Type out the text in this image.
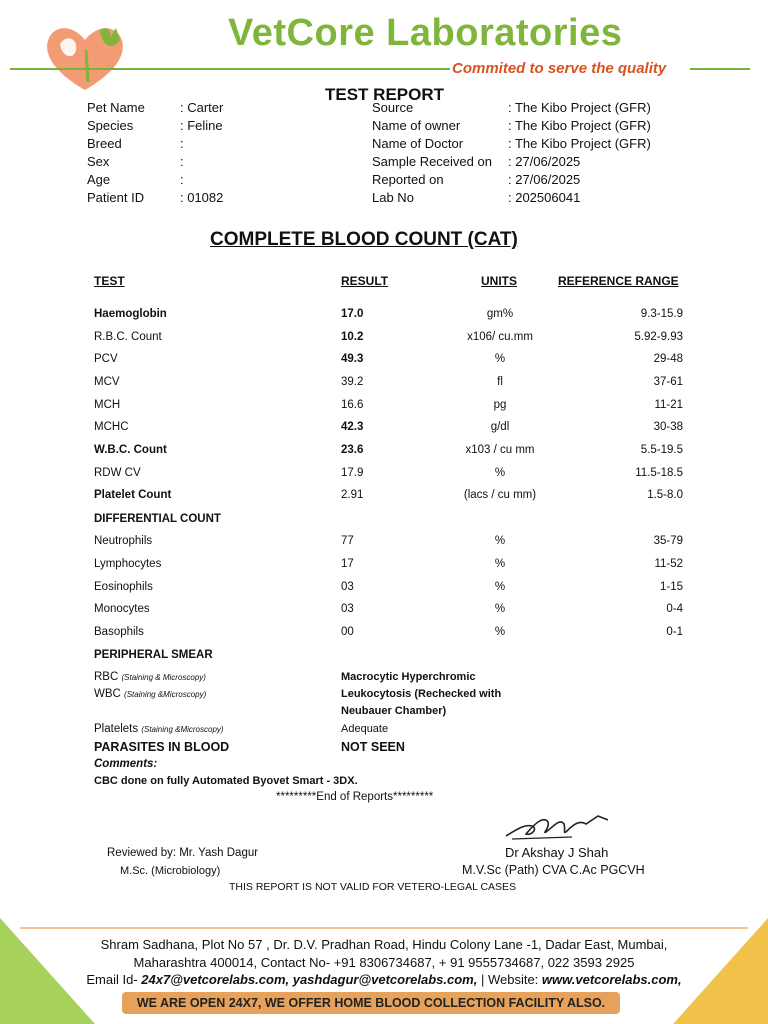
VetCore Laboratories
Commited to serve the quality
TEST REPORT
Pet Name	: Carter
Species	: Feline
Breed	:
Sex	:
Age	:
Patient ID	: 01082
Source	: The Kibo Project (GFR)
Name of owner	: The Kibo Project (GFR)
Name of Doctor	: The Kibo Project (GFR)
Sample Received on : 27/06/2025
Reported on	: 27/06/2025
Lab No	: 202506041
COMPLETE BLOOD COUNT (CAT)
TEST	RESULT	UNITS	REFERENCE RANGE
Haemoglobin	17.0	gm%	9.3-15.9
R.B.C. Count	10.2	x106/ cu.mm	5.92-9.93
PCV	49.3	%	29-48
MCV	39.2	fl	37-61
MCH	16.6	pg	11-21
MCHC	42.3	g/dl	30-38
W.B.C. Count	23.6	x103 / cu mm	5.5-19.5
RDW CV	17.9	%	11.5-18.5
Platelet Count	2.91	(lacs / cu mm)	1.5-8.0
DIFFERENTIAL COUNT
Neutrophils	77	%	35-79
Lymphocytes	17	%	11-52
Eosinophils	03	%	1-15
Monocytes	03	%	0-4
Basophils	00	%	0-1
PERIPHERAL SMEAR
RBC (Staining & Microscopy)	Macrocytic Hyperchromic
WBC (Staining &Microscopy)	Leukocytosis (Rechecked with
Neubauer Chamber)
Platelets (Staining &Microscopy)	Adequate
PARASITES IN BLOOD	NOT SEEN
Comments:
CBC done on fully Automated Byovet Smart - 3DX.
*********End of Reports*********
Reviewed by: Mr. Yash Dagur
M.Sc. (Microbiology)
Dr Akshay J Shah
M.V.Sc (Path) CVA C.Ac PGCVH
THIS REPORT IS NOT VALID FOR VETERO-LEGAL CASES
Shram Sadhana, Plot No 57 , Dr. D.V. Pradhan Road, Hindu Colony Lane -1, Dadar East, Mumbai,
Maharashtra 400014, Contact No- +91 8306734687, + 91 9555734687, 022 3593 2925
Email Id- 24x7@vetcorelabs.com, yashdagur@vetcorelabs.com, | Website: www.vetcorelabs.com,
WE ARE OPEN 24X7, WE OFFER HOME BLOOD COLLECTION FACILITY ALSO.
